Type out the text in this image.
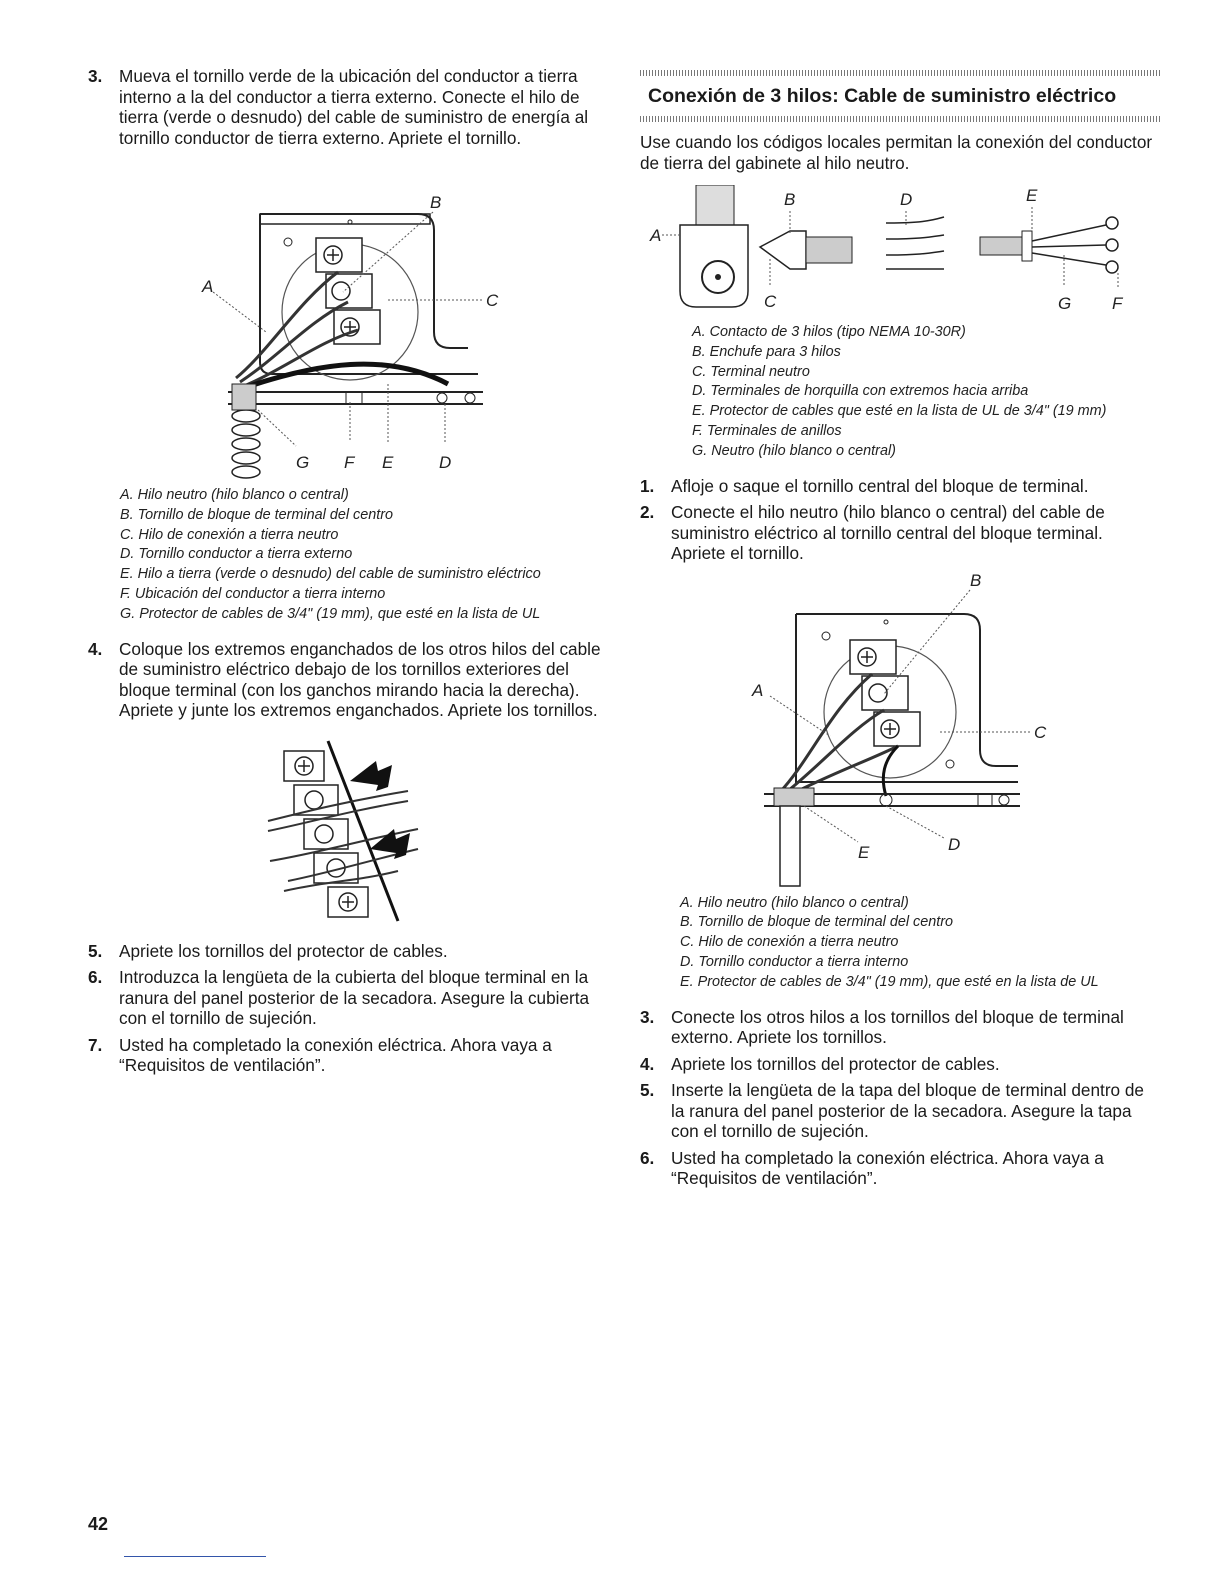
3. Mueva el tornillo verde de la ubicación del conductor a tierra interno a la del conductor a tierra externo. Conecte el hilo de tierra (verde o desnudo) del cable de suministro de energía al tornillo conductor de tierra externo. Apriete el tornillo.
B
A
C
G F E	D
A. Hilo neutro (hilo blanco o central)
B. Tornillo de bloque de terminal del centro
C. Hilo de conexión a tierra neutro
D. Tornillo conductor a tierra externo
E. Hilo a tierra (verde o desnudo) del cable de suministro eléctrico
F. Ubicación del conductor a tierra interno
G. Protector de cables de 3/4" (19 mm), que esté en la lista de UL
4. Coloque los extremos enganchados de los otros hilos del cable de suministro eléctrico debajo de los tornillos exteriores del bloque terminal (con los ganchos mirando hacia la derecha). Apriete y junte los extremos enganchados. Apriete los tornillos.
5. Apriete los tornillos del protector de cables.
6. Introduzca la lengüeta de la cubierta del bloque terminal en la ranura del panel posterior de la secadora. Asegure la cubierta con el tornillo de sujeción.
7. Usted ha completado la conexión eléctrica. Ahora vaya a “Requisitos de ventilación”.
Conexión de 3 hilos: Cable de suministro eléctrico
Use cuando los códigos locales permitan la conexión del conductor de tierra del gabinete al hilo neutro.
A
B
C
D	E
G F
A. Contacto de 3 hilos (tipo NEMA 10-30R)
B. Enchufe para 3 hilos
C. Terminal neutro
D. Terminales de horquilla con extremos hacia arriba
E. Protector de cables que esté en la lista de UL de 3/4" (19 mm)
F. Terminales de anillos
G. Neutro (hilo blanco o central)
1. Afloje o saque el tornillo central del bloque de terminal.
2. Conecte el hilo neutro (hilo blanco o central) del cable de suministro eléctrico al tornillo central del bloque terminal. Apriete el tornillo.
B
A
C
E	D
A. Hilo neutro (hilo blanco o central)
B. Tornillo de bloque de terminal del centro
C. Hilo de conexión a tierra neutro
D. Tornillo conductor a tierra interno
E. Protector de cables de 3/4" (19 mm), que esté en la lista de UL
3. Conecte los otros hilos a los tornillos del bloque de terminal externo. Apriete los tornillos.
4. Apriete los tornillos del protector de cables.
5. Inserte la lengüeta de la tapa del bloque de terminal dentro de la ranura del panel posterior de la secadora. Asegure la tapa con el tornillo de sujeción.
6. Usted ha completado la conexión eléctrica. Ahora vaya a “Requisitos de ventilación”.
42
